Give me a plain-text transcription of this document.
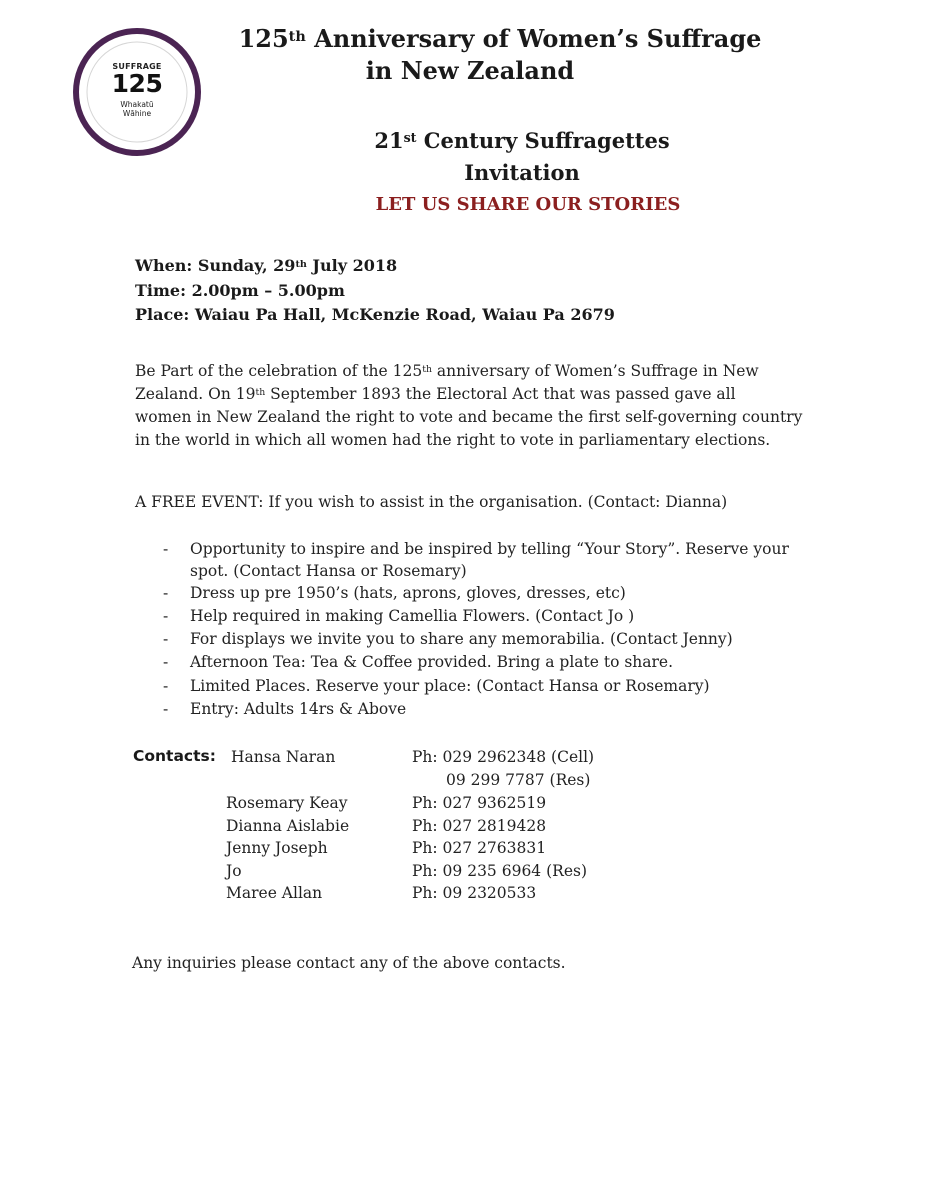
SUFFRAGE
125
Whakatū
Wāhine
125th Anniversary of Women’s Suffrage
in New Zealand
21st Century Suffragettes
Invitation
LET US SHARE OUR STORIES
When: Sunday, 29th July 2018
Time: 2.00pm – 5.00pm
Place: Waiau Pa Hall, McKenzie Road, Waiau Pa 2679
Be Part of the celebration of the 125th anniversary of Women’s Suffrage in New
Zealand. On 19th September 1893 the Electoral Act that was passed gave all
women in New Zealand the right to vote and became the first self-governing country
in the world in which all women had the right to vote in parliamentary elections.
A FREE EVENT: If you wish to assist in the organisation. (Contact: Dianna)
- Opportunity to inspire and be inspired by telling “Your Story”. Reserve your
spot. (Contact Hansa or Rosemary)
- Dress up pre 1950’s (hats, aprons, gloves, dresses, etc)
- Help required in making Camellia Flowers. (Contact Jo )
- For displays we invite you to share any memorabilia. (Contact Jenny)
- Afternoon Tea: Tea & Coffee provided. Bring a plate to share.
- Limited Places. Reserve your place: (Contact Hansa or Rosemary)
- Entry: Adults 14rs & Above
Contacts: Hansa Naran	Ph: 029 2962348 (Cell)
09 299 7787 (Res)
Rosemary Keay	Ph: 027 9362519
Dianna Aislabie	Ph: 027 2819428
Jenny Joseph	Ph: 027 2763831
Jo	Ph: 09 235 6964 (Res)
Maree Allan	Ph: 09 2320533
Any inquiries please contact any of the above contacts.
